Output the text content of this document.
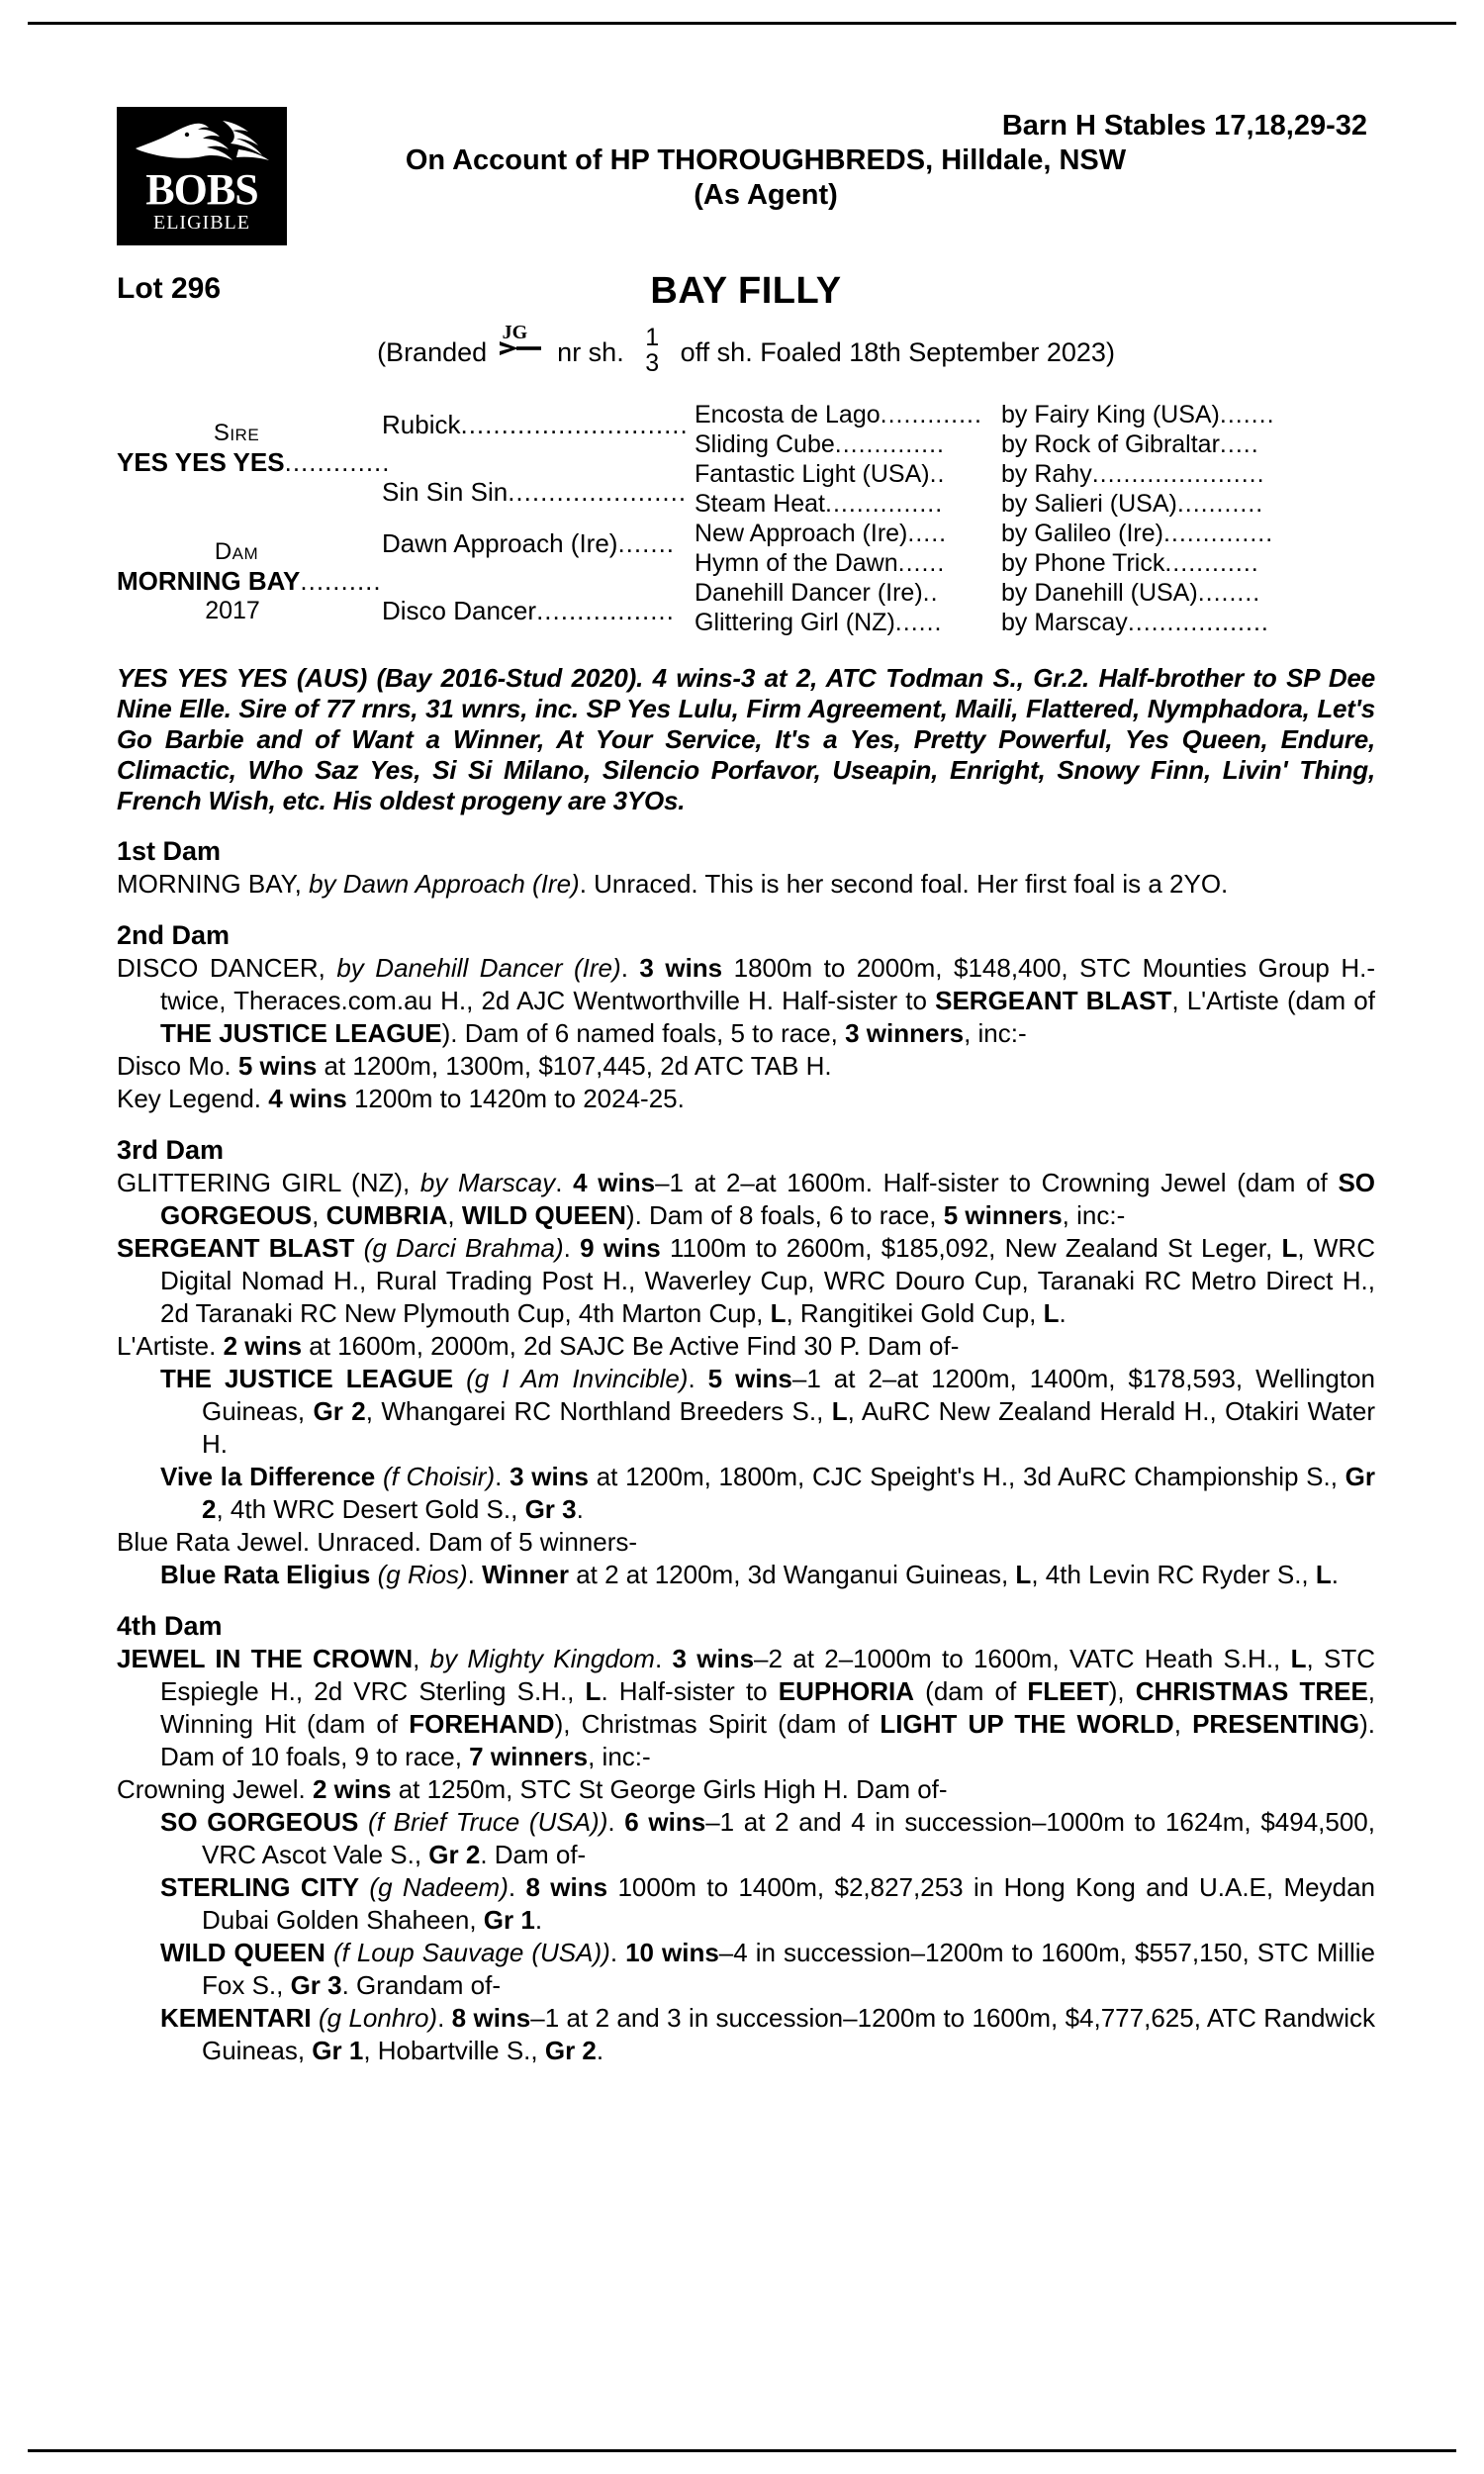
BOBS
ELIGIBLE
Barn H Stables 17,18,29-32
On Account of HP THOROUGHBREDS, Hilldale, NSW
(As Agent)
Lot 296	BAY FILLY
(Branded
JG
nr sh. 1
3 off sh. Foaled 18th September 2023)
Sire
YES YES YES.............
Dam
MORNING BAY..........
2017
Rubick............................
Sin Sin Sin......................
Dawn Approach (Ire).......
Disco Dancer.................
Encosta de Lago.............
Sliding Cube..............
Fantastic Light (USA)..
Steam Heat...............
New Approach (Ire).....
Hymn of the Dawn......
Danehill Dancer (Ire)..
Glittering Girl (NZ)......
by Fairy King (USA).......
by Rock of Gibraltar.....
by Rahy......................
by Salieri (USA)...........
by Galileo (Ire)..............
by Phone Trick............
by Danehill (USA)........
by Marscay..................
YES YES YES (AUS) (Bay 2016-Stud 2020). 4 wins-3 at 2, ATC Todman S., Gr.2. Half-brother to SP Dee Nine Elle. Sire of 77 rnrs, 31 wnrs, inc. SP Yes Lulu, Firm Agreement, Maili, Flattered, Nymphadora, Let's Go Barbie and of Want a Winner, At Your Service, It's a Yes, Pretty Powerful, Yes Queen, Endure, Climactic, Who Saz Yes, Si Si Milano, Silencio Porfavor, Useapin, Enright, Snowy Finn, Livin' Thing, French Wish, etc. His oldest progeny are 3YOs.
1st Dam
MORNING BAY, by Dawn Approach (Ire). Unraced. This is her second foal. Her first foal is a 2YO.
2nd Dam
DISCO DANCER, by Danehill Dancer (Ire). 3 wins 1800m to 2000m, $148,400, STC Mounties Group H.-twice, Theraces.com.au H., 2d AJC Wentworthville H. Half-sister to SERGEANT BLAST, L'Artiste (dam of THE JUSTICE LEAGUE). Dam of 6 named foals, 5 to race, 3 winners, inc:-
Disco Mo. 5 wins at 1200m, 1300m, $107,445, 2d ATC TAB H.
Key Legend. 4 wins 1200m to 1420m to 2024-25.
3rd Dam
GLITTERING GIRL (NZ), by Marscay. 4 wins–1 at 2–at 1600m. Half-sister to Crowning Jewel (dam of SO GORGEOUS, CUMBRIA, WILD QUEEN). Dam of 8 foals, 6 to race, 5 winners, inc:-
SERGEANT BLAST (g Darci Brahma). 9 wins 1100m to 2600m, $185,092, New Zealand St Leger, L, WRC Digital Nomad H., Rural Trading Post H., Waverley Cup, WRC Douro Cup, Taranaki RC Metro Direct H., 2d Taranaki RC New Plymouth Cup, 4th Marton Cup, L, Rangitikei Gold Cup, L.
L'Artiste. 2 wins at 1600m, 2000m, 2d SAJC Be Active Find 30 P. Dam of-
THE JUSTICE LEAGUE (g I Am Invincible). 5 wins–1 at 2–at 1200m, 1400m, $178,593, Wellington Guineas, Gr 2, Whangarei RC Northland Breeders S., L, AuRC New Zealand Herald H., Otakiri Water H.
Vive la Difference (f Choisir). 3 wins at 1200m, 1800m, CJC Speight's H., 3d AuRC Championship S., Gr 2, 4th WRC Desert Gold S., Gr 3.
Blue Rata Jewel. Unraced. Dam of 5 winners-
Blue Rata Eligius (g Rios). Winner at 2 at 1200m, 3d Wanganui Guineas, L, 4th Levin RC Ryder S., L.
4th Dam
JEWEL IN THE CROWN, by Mighty Kingdom. 3 wins–2 at 2–1000m to 1600m, VATC Heath S.H., L, STC Espiegle H., 2d VRC Sterling S.H., L. Half-sister to EUPHORIA (dam of FLEET), CHRISTMAS TREE, Winning Hit (dam of FOREHAND), Christmas Spirit (dam of LIGHT UP THE WORLD, PRESENTING). Dam of 10 foals, 9 to race, 7 winners, inc:-
Crowning Jewel. 2 wins at 1250m, STC St George Girls High H. Dam of-
SO GORGEOUS (f Brief Truce (USA)). 6 wins–1 at 2 and 4 in succession–1000m to 1624m, $494,500, VRC Ascot Vale S., Gr 2. Dam of-
STERLING CITY (g Nadeem). 8 wins 1000m to 1400m, $2,827,253 in Hong Kong and U.A.E, Meydan Dubai Golden Shaheen, Gr 1.
WILD QUEEN (f Loup Sauvage (USA)). 10 wins–4 in succession–1200m to 1600m, $557,150, STC Millie Fox S., Gr 3. Grandam of-
KEMENTARI (g Lonhro). 8 wins–1 at 2 and 3 in succession–1200m to 1600m, $4,777,625, ATC Randwick Guineas, Gr 1, Hobartville S., Gr 2.
